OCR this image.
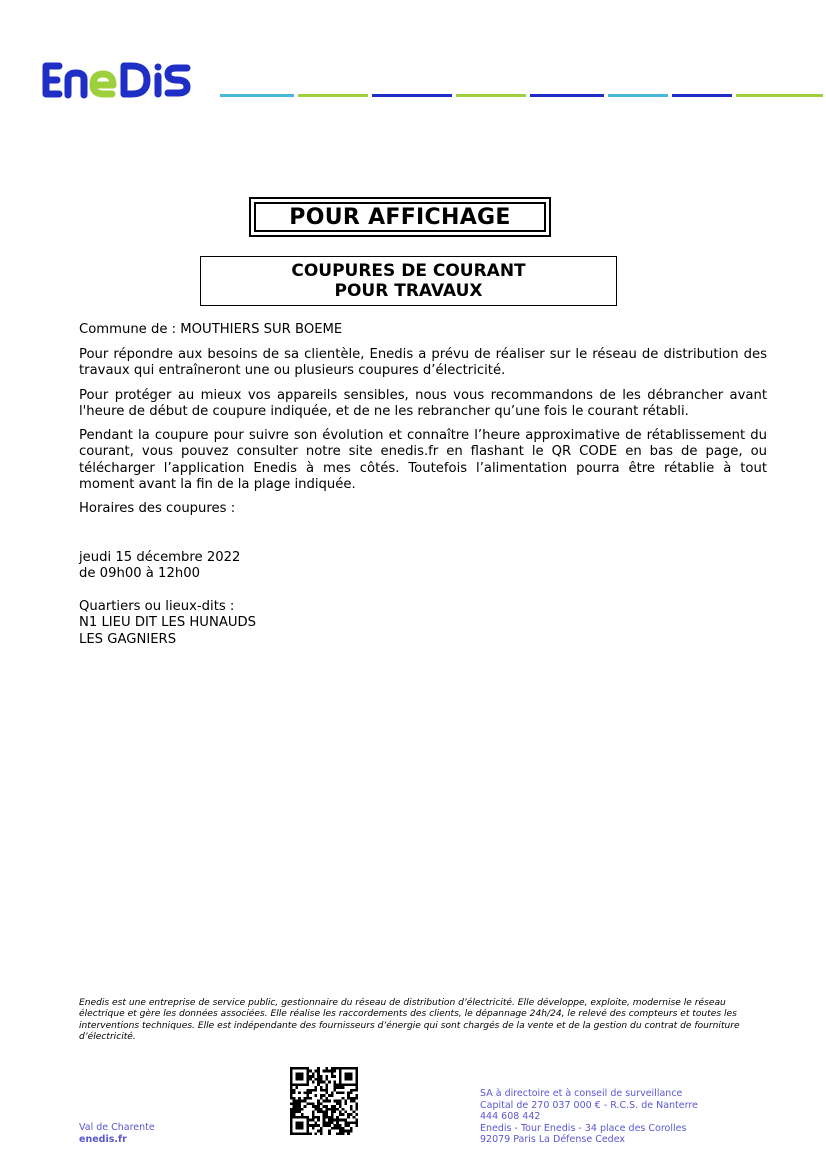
POUR AFFICHAGE
COUPURES DE COURANT
POUR TRAVAUX
Commune de : MOUTHIERS SUR BOEME
Pour répondre aux besoins de sa clientèle, Enedis a prévu de réaliser sur le réseau de distribution des travaux qui entraîneront une ou plusieurs coupures d’électricité.
Pour protéger au mieux vos appareils sensibles, nous vous recommandons de les débrancher avant l'heure de début de coupure indiquée, et de ne les rebrancher qu’une fois le courant rétabli.
Pendant la coupure pour suivre son évolution et connaître l’heure approximative de rétablissement du courant, vous pouvez consulter notre site enedis.fr en flashant le QR CODE en bas de page, ou télécharger l’application Enedis à mes côtés. Toutefois l’alimentation pourra être rétablie à tout moment avant la fin de la plage indiquée.
Horaires des coupures :
jeudi 15 décembre 2022
de 09h00 à 12h00
Quartiers ou lieux-dits :
N1 LIEU DIT LES HUNAUDS
LES GAGNIERS
Enedis est une entreprise de service public, gestionnaire du réseau de distribution d’électricité. Elle développe, exploite, modernise le réseau électrique et gère les données associées. Elle réalise les raccordements des clients, le dépannage 24h/24, le relevé des compteurs et toutes les interventions techniques. Elle est indépendante des fournisseurs d’énergie qui sont chargés de la vente et de la gestion du contrat de fourniture d’électricité.
Val de Charente
enedis.fr
SA à directoire et à conseil de surveillance
Capital de 270 037 000 € - R.C.S. de Nanterre
444 608 442
Enedis - Tour Enedis - 34 place des Corolles
92079 Paris La Défense Cedex
